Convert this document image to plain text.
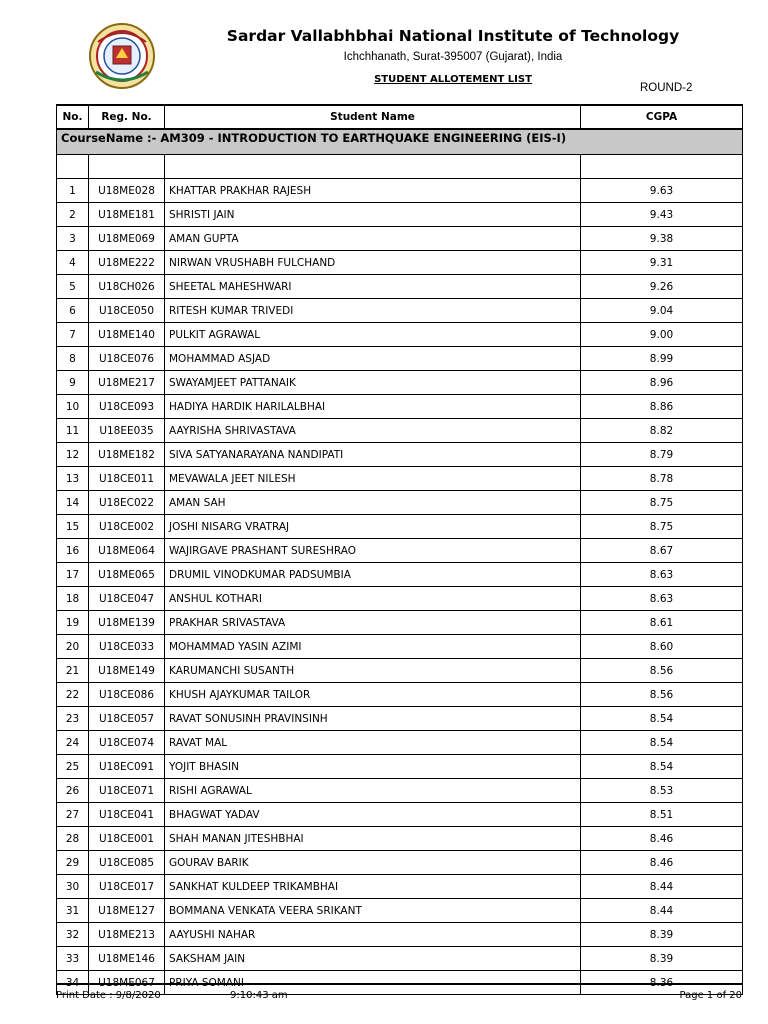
Sardar Vallabhbhai National Institute of Technology
Ichchhanath, Surat-395007 (Gujarat), India
STUDENT ALLOTEMENT LIST
ROUND-2
No.	Reg. No.	Student Name	CGPA
CourseName :- AM309 - INTRODUCTION TO EARTHQUAKE ENGINEERING (EIS-I)			

1	U18ME028	KHATTAR PRAKHAR RAJESH	9.63
2	U18ME181	SHRISTI JAIN	9.43
3	U18ME069	AMAN GUPTA	9.38
4	U18ME222	NIRWAN VRUSHABH FULCHAND	9.31
5	U18CH026	SHEETAL MAHESHWARI	9.26
6	U18CE050	RITESH KUMAR TRIVEDI	9.04
7	U18ME140	PULKIT AGRAWAL	9.00
8	U18CE076	MOHAMMAD ASJAD	8.99
9	U18ME217	SWAYAMJEET PATTANAIK	8.96
10	U18CE093	HADIYA HARDIK HARILALBHAI	8.86
11	U18EE035	AAYRISHA SHRIVASTAVA	8.82
12	U18ME182	SIVA SATYANARAYANA NANDIPATI	8.79
13	U18CE011	MEVAWALA JEET NILESH	8.78
14	U18EC022	AMAN SAH	8.75
15	U18CE002	JOSHI NISARG VRATRAJ	8.75
16	U18ME064	WAJIRGAVE PRASHANT SURESHRAO	8.67
17	U18ME065	DRUMIL VINODKUMAR PADSUMBIA	8.63
18	U18CE047	ANSHUL KOTHARI	8.63
19	U18ME139	PRAKHAR SRIVASTAVA	8.61
20	U18CE033	MOHAMMAD YASIN AZIMI	8.60
21	U18ME149	KARUMANCHI SUSANTH	8.56
22	U18CE086	KHUSH AJAYKUMAR TAILOR	8.56
23	U18CE057	RAVAT SONUSINH PRAVINSINH	8.54
24	U18CE074	RAVAT MAL	8.54
25	U18EC091	YOJIT BHASIN	8.54
26	U18CE071	RISHI AGRAWAL	8.53
27	U18CE041	BHAGWAT YADAV	8.51
28	U18CE001	SHAH MANAN JITESHBHAI	8.46
29	U18CE085	GOURAV BARIK	8.46
30	U18CE017	SANKHAT KULDEEP TRIKAMBHAI	8.44
31	U18ME127	BOMMANA VENKATA VEERA SRIKANT	8.44
32	U18ME213	AAYUSHI NAHAR	8.39
33	U18ME146	SAKSHAM JAIN	8.39
34	U18ME067	PRIYA SOMANI	8.36
Print Date : 9/8/2020	9:10:43 am	Page 1 of 20
